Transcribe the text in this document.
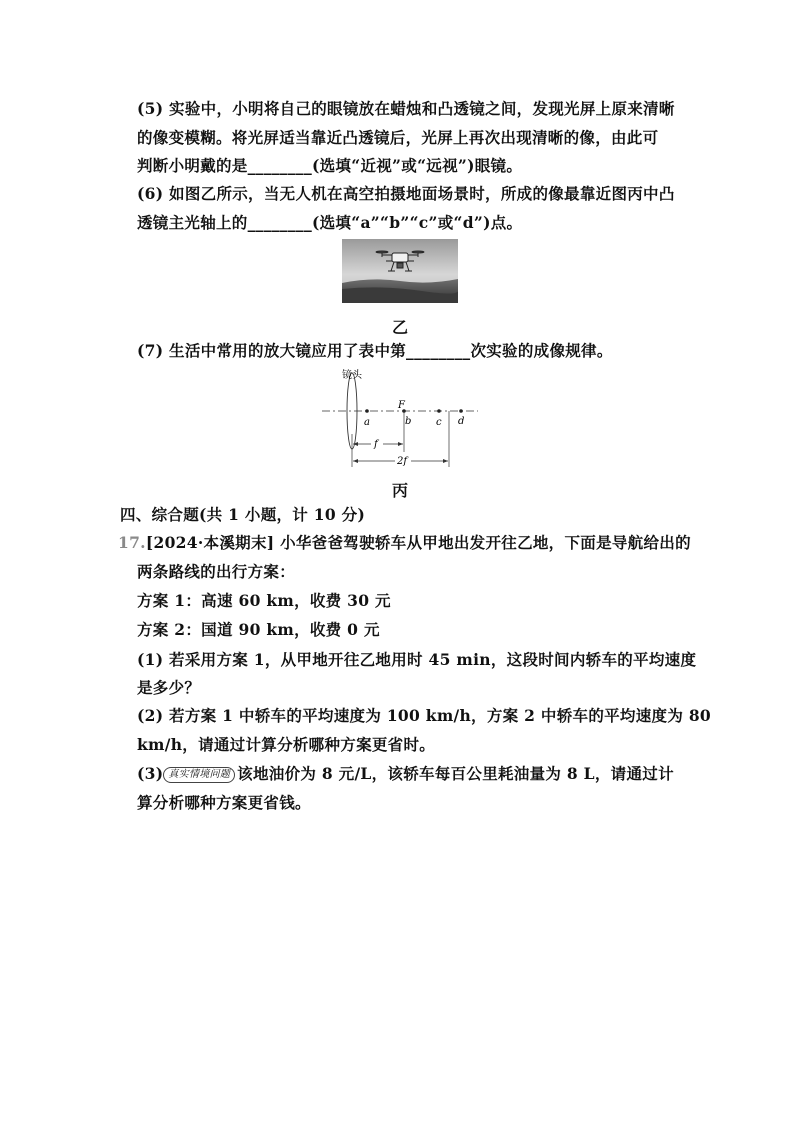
(5) 实验中，小明将自己的眼镜放在蜡烛和凸透镜之间，发现光屏上原来清晰
的像变模糊。将光屏适当靠近凸透镜后，光屏上再次出现清晰的像，由此可
判断小明戴的是________(选填“近视”或“远视”)眼镜。
(6) 如图乙所示，当无人机在高空拍摄地面场景时，所成的像最靠近图丙中凸
透镜主光轴上的________(选填“a”“b”“c”或“d”)点。
乙
(7) 生活中常用的放大镜应用了表中第________次实验的成像规律。
镜头
a	b c d
F
f
2f
丙
四、综合题(共 1 小题，计 10 分)
17.[2024·本溪期末] 小华爸爸驾驶轿车从甲地出发开往乙地，下面是导航给出的
两条路线的出行方案：
方案 1：高速 60 km，收费 30 元
方案 2：国道 90 km，收费 0 元
(1) 若采用方案 1，从甲地开往乙地用时 45 min，这段时间内轿车的平均速度
是多少？
(2) 若方案 1 中轿车的平均速度为 100 km/h，方案 2 中轿车的平均速度为 80
km/h，请通过计算分析哪种方案更省时。
(3) 真实情境问题 该地油价为 8 元/L，该轿车每百公里耗油量为 8 L，请通过计
算分析哪种方案更省钱。
